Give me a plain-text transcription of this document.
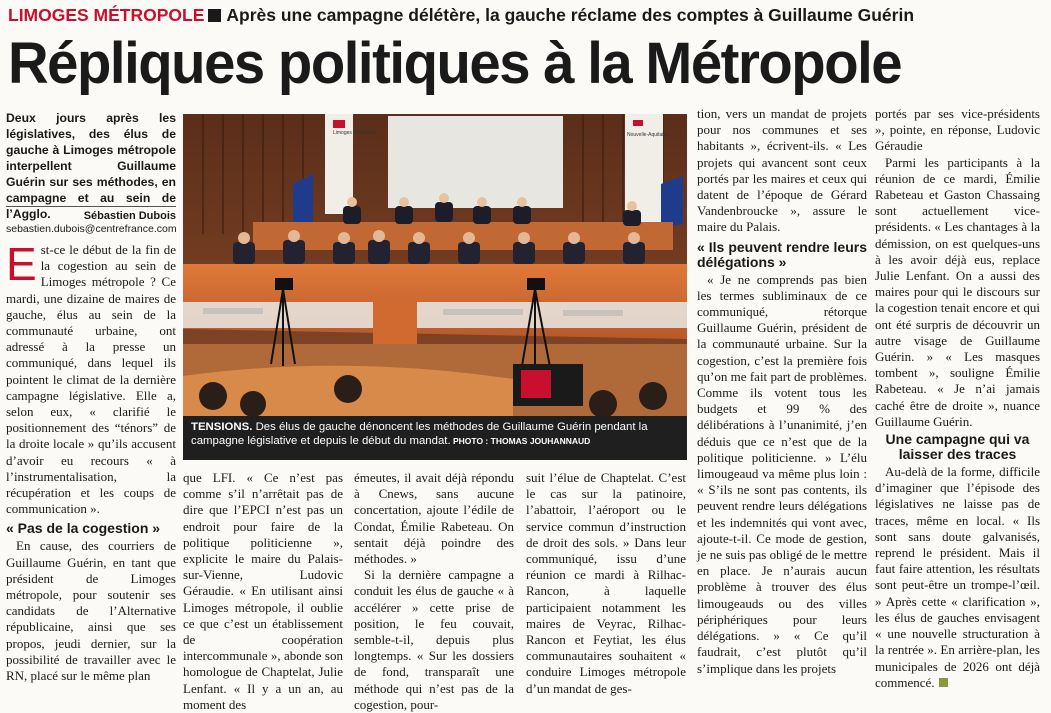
LIMOGES MÉTROPOLE Après une campagne délétère, la gauche réclame des comptes à Guillaume Guérin
Répliques politiques à la Métropole
Deux jours après les législatives, des élus de gauche à Limoges métropole interpellent Guillaume Guérin sur ses méthodes, en campagne et au sein de l’Agglo.	Sébastien Dubois
sebastien.dubois@centrefrance.com

Est-ce le début de la fin de la cogestion au sein de Limoges métropole ? Ce mardi, une dizaine de maires de gauche, élus au sein de la communauté urbaine, ont adressé à la presse un communiqué, dans lequel ils pointent le climat de la dernière campagne législative. Elle a, selon eux, « clarifié le positionnement des “ténors” de la droite locale » qu’ils accusent d’avoir eu recours « à l’instrumentalisation, la récupération et les coups de communication ».

« Pas de la cogestion »

En cause, des courriers de Guillaume Guérin, en tant que président de Limoges métropole, pour soutenir ses candidats de l’Alternative républicaine, ainsi que ses propos, jeudi dernier, sur la possibilité de travailler avec le RN, placé sur le même plan

Limoges Métropole	Nouvelle-Aquitaine
TENSIONS. Des élus de gauche dénoncent les méthodes de Guillaume Guérin pendant la campagne législative et depuis le début du mandat. PHOTO : THOMAS JOUHANNAUD

que LFI. « Ce n’est pas comme s’il n’arrêtait pas de dire que l’EPCI n’est pas un endroit pour faire de la politique politicienne », explicite le maire du Palais-sur-Vienne, Ludovic Géraudie. « En utilisant ainsi Limoges métropole, il oublie ce que c’est un établissement de coopération intercommunale », abonde son homologue de Chaptelat, Julie Lenfant. « Il y a un an, au moment des

émeutes, il avait déjà répondu à Cnews, sans aucune concertation, ajoute l’édile de Condat, Émilie Rabeteau. On sentait déjà poindre des méthodes. »

Si la dernière campagne a conduit les élus de gauche « à accélérer » cette prise de position, le feu couvait, semble-t-il, depuis plus longtemps. « Sur les dossiers de fond, transparaît une méthode qui n’est pas de la cogestion, pour-

suit l’élue de Chaptelat. C’est le cas sur la patinoire, l’abattoir, l’aéroport ou le service commun d’instruction de droit des sols. » Dans leur communiqué, issu d’une réunion ce mardi à Rilhac-Rancon, à laquelle participaient notamment les maires de Veyrac, Rilhac-Rancon et Feytiat, les élus communautaires souhaitent « conduire Limoges métropole d’un mandat de ges-

tion, vers un mandat de projets pour nos communes et ses habitants », écrivent-ils. « Les projets qui avancent sont ceux portés par les maires et ceux qui datent de l’époque de Gérard Vandenbroucke », assure le maire du Palais.

« Ils peuvent rendre leurs délégations »

« Je ne comprends pas bien les termes subliminaux de ce communiqué, rétorque Guillaume Guérin, président de la communauté urbaine. Sur la cogestion, c’est la première fois qu’on me fait part de problèmes. Comme ils votent tous les budgets et 99 % des délibérations à l’unanimité, j’en déduis que ce n’est que de la politique politicienne. » L’élu limougeaud va même plus loin : « S’ils ne sont pas contents, ils peuvent rendre leurs délégations et les indemnités qui vont avec, ajoute-t-il. Ce mode de gestion, je ne suis pas obligé de le mettre en place. Je n’aurais aucun problème à trouver des élus limougeauds ou des villes périphériques pour leurs délégations. » « Ce qu’il faudrait, c’est plutôt qu’il s’implique dans les projets

portés par ses vice-présidents », pointe, en réponse, Ludovic Géraudie

Parmi les participants à la réunion de ce mardi, Émilie Rabeteau et Gaston Chassaing sont actuellement vice-présidents. « Les chantages à la démission, on est quelques-uns à les avoir déjà eus, replace Julie Lenfant. On a aussi des maires pour qui le discours sur la cogestion tenait encore et qui ont été surpris de découvrir un autre visage de Guillaume Guérin. » « Les masques tombent », souligne Émilie Rabeteau. « Je n’ai jamais caché être de droite », nuance Guillaume Guérin.

Une campagne qui va laisser des traces

Au-delà de la forme, difficile d’imaginer que l’épisode des législatives ne laisse pas de traces, même en local. « Ils sont sans doute galvanisés, reprend le président. Mais il faut faire attention, les résultats sont peut-être un trompe-l’œil. » Après cette « clarification », les élus de gauches envisagent « une nouvelle structuration à la rentrée ». En arrière-plan, les municipales de 2026 ont déjà commencé.
